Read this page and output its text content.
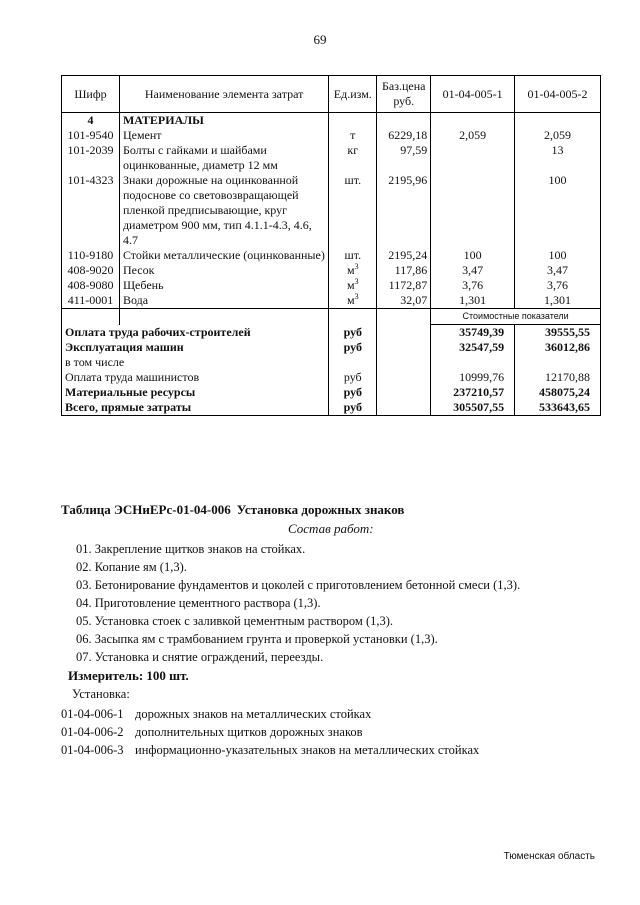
69
Шифр	Наименование элемента затрат	Ед.изм.	Баз.цена руб.	01-04-005-1	01-04-005-2
4	МАТЕРИАЛЫ				
101-9540	Цемент	т	6229,18	2,059	2,059
101-2039	Болты с гайками и шайбами оцинкованные, диаметр 12 мм	кг	97,59		13
101-4323	Знаки дорожные на оцинкованной подоснове со световозвращающей пленкой предписывающие, круг диаметром 900 мм, тип 4.1.1-4.3, 4.6, 4.7	шт.	2195,96		100
110-9180	Стойки металлические (оцинкованные)	шт.	2195,24	100	100
408-9020	Песок	$м^3$	117,86	3,47	3,47
408-9080	Щебень	$м^3$	1172,87	3,76	3,76
411-0001	Вода	$м^3$	32,07	1,301	1,301
				Стоимостные показатели	
Оплата труда рабочих-строителей		руб		35749,39	39555,55
Эксплуатация машин		руб		32547,59	36012,86
в том числе					
Оплата труда машинистов		руб		10999,76	12170,88
Материальные ресурсы		руб		237210,57	458075,24
Всего, прямые затраты		руб		305507,55	533643,65
Таблица ЭСНиЕРс-01-04-006 Установка дорожных знаков
Состав работ:
01. Закрепление щитков знаков на стойках.
02. Копание ям (1,3).
03. Бетонирование фундаментов и цоколей с приготовлением бетонной смеси (1,3).
04. Приготовление цементного раствора (1,3).
05. Установка стоек с заливкой цементным раствором (1,3).
06. Засыпка ям с трамбованием грунта и проверкой установки (1,3).
07. Установка и снятие ограждений, переезды.
Измеритель: 100 шт.
Установка:
01-04-006-1 дорожных знаков на металлических стойках
01-04-006-2 дополнительных щитков дорожных знаков
01-04-006-3 информационно-указательных знаков на металлических стойках
Тюменская область
